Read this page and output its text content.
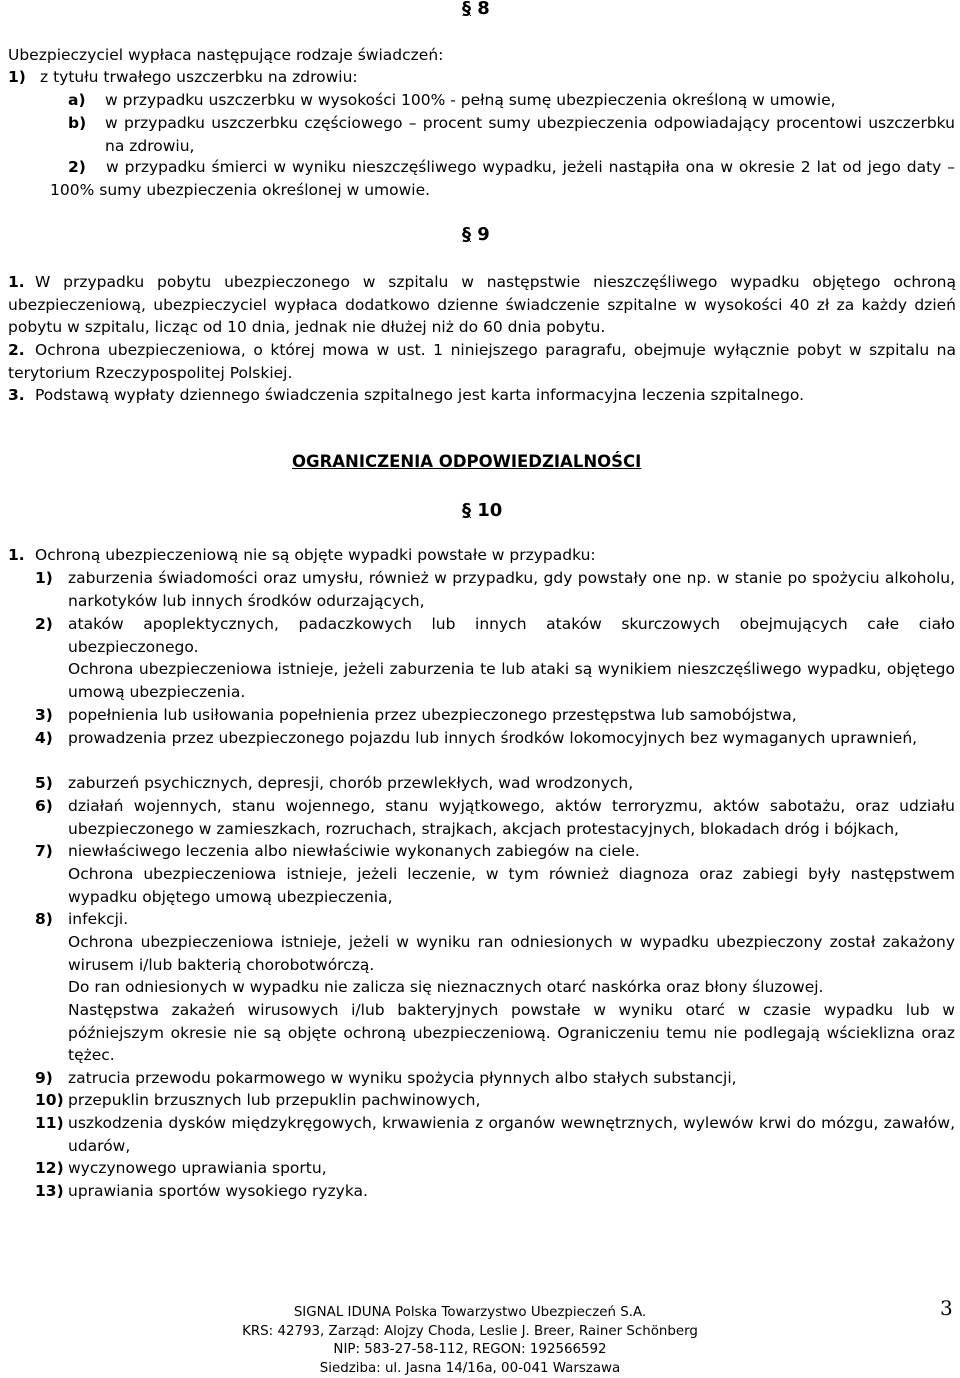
§ 8
Ubezpieczyciel wypłaca następujące rodzaje świadczeń:
1) z tytułu trwałego uszczerbku na zdrowiu:
a) w przypadku uszczerbku w wysokości 100% - pełną sumę ubezpieczenia określoną w umowie,
b) w przypadku uszczerbku częściowego – procent sumy ubezpieczenia odpowiadający procentowi uszczerbku na zdrowiu,
2)	w przypadku śmierci w wyniku nieszczęśliwego wypadku, jeżeli nastąpiła ona w okresie 2 lat od jego daty – 100% sumy ubezpieczenia określonej w umowie.
§ 9
1. W przypadku pobytu ubezpieczonego w szpitalu w następstwie nieszczęśliwego wypadku objętego ochroną ubezpieczeniową, ubezpieczyciel wypłaca dodatkowo dzienne świadczenie szpitalne w wysokości 40 zł za każdy dzień pobytu w szpitalu, licząc od 10 dnia, jednak nie dłużej niż do 60 dnia pobytu.
2. Ochrona ubezpieczeniowa, o której mowa w ust. 1 niniejszego paragrafu, obejmuje wyłącznie pobyt w szpitalu na terytorium Rzeczypospolitej Polskiej.
3. Podstawą wypłaty dziennego świadczenia szpitalnego jest karta informacyjna leczenia szpitalnego.
OGRANICZENIA ODPOWIEDZIALNOŚCI
§ 10
1. Ochroną ubezpieczeniową nie są objęte wypadki powstałe w przypadku:
1) zaburzenia świadomości oraz umysłu, również w przypadku, gdy powstały one np. w stanie po spożyciu alkoholu, narkotyków lub innych środków odurzających,
2) ataków apoplektycznych, padaczkowych lub innych ataków skurczowych obejmujących całe ciało ubezpieczonego.
Ochrona ubezpieczeniowa istnieje, jeżeli zaburzenia te lub ataki są wynikiem nieszczęśliwego wypadku, objętego umową ubezpieczenia.
3) popełnienia lub usiłowania popełnienia przez ubezpieczonego przestępstwa lub samobójstwa,
4) prowadzenia przez ubezpieczonego pojazdu lub innych środków lokomocyjnych bez wymaganych uprawnień,
5) zaburzeń psychicznych, depresji, chorób przewlekłych, wad wrodzonych,
6) działań wojennych, stanu wojennego, stanu wyjątkowego, aktów terroryzmu, aktów sabotażu, oraz udziału ubezpieczonego w zamieszkach, rozruchach, strajkach, akcjach protestacyjnych, blokadach dróg i bójkach,
7) niewłaściwego leczenia albo niewłaściwie wykonanych zabiegów na ciele.
Ochrona ubezpieczeniowa istnieje, jeżeli leczenie, w tym również diagnoza oraz zabiegi były następstwem wypadku objętego umową ubezpieczenia,
8) infekcji.
Ochrona ubezpieczeniowa istnieje, jeżeli w wyniku ran odniesionych w wypadku ubezpieczony został zakażony wirusem i/lub bakterią chorobotwórczą.
Do ran odniesionych w wypadku nie zalicza się nieznacznych otarć naskórka oraz błony śluzowej.
Następstwa zakażeń wirusowych i/lub bakteryjnych powstałe w wyniku otarć w czasie wypadku lub w późniejszym okresie nie są objęte ochroną ubezpieczeniową. Ograniczeniu temu nie podlegają wścieklizna oraz tężec.
9) zatrucia przewodu pokarmowego w wyniku spożycia płynnych albo stałych substancji,
10) przepuklin brzusznych lub przepuklin pachwinowych,
11) uszkodzenia dysków międzykręgowych, krwawienia z organów wewnętrznych, wylewów krwi do mózgu, zawałów, udarów,
12) wyczynowego uprawiania sportu,
13) uprawiania sportów wysokiego ryzyka.
SIGNAL IDUNA Polska Towarzystwo Ubezpieczeń S.A.
KRS: 42793, Zarząd: Alojzy Choda, Leslie J. Breer, Rainer Schönberg
NIP: 583-27-58-112, REGON: 192566592
Siedziba: ul. Jasna 14/16a, 00-041 Warszawa
3
